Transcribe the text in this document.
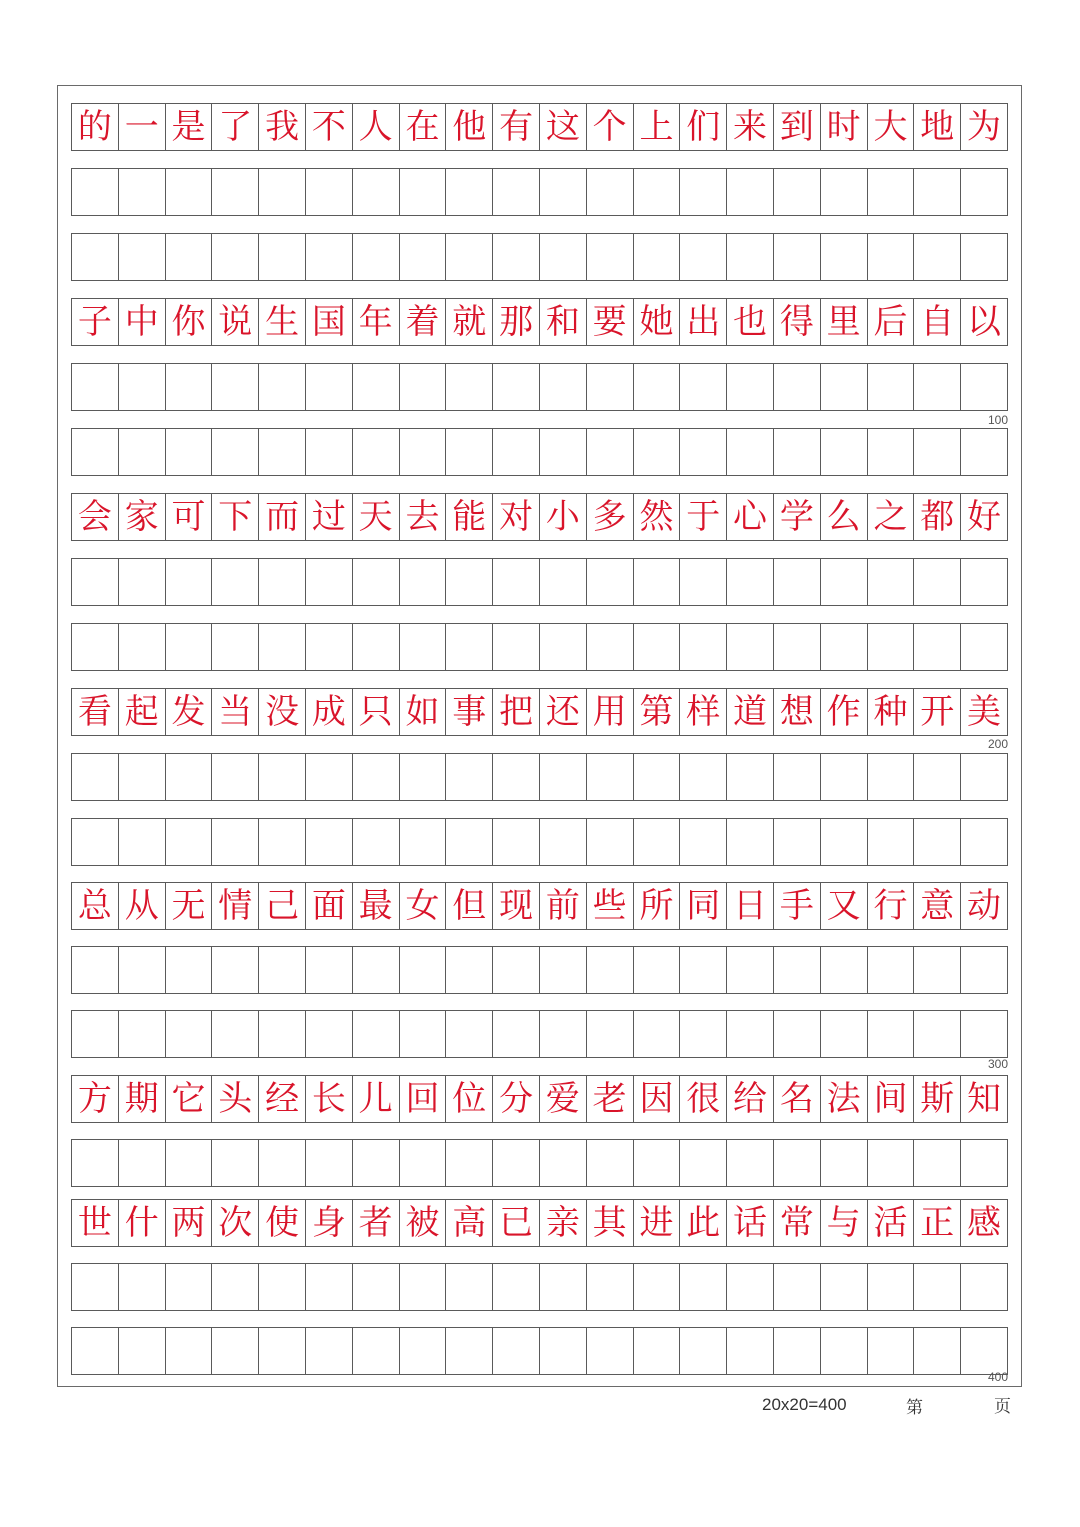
的 一 是 了 我 不 人 在 他 有 这 个 上 们 来 到 时 大 地 为
子 中 你 说 生 国 年 着 就 那 和 要 她 出 也 得 里 后 自 以
会 家 可 下 而 过 天 去 能 对 小 多 然 于 心 学 么 之 都 好
看 起 发 当 没 成 只 如 事 把 还 用 第 样 道 想 作 种 开 美
总 从 无 情 己 面 最 女 但 现 前 些 所 同 日 手 又 行 意 动
方 期 它 头 经 长 儿 回 位 分 爱 老 因 很 给 名 法 间 斯 知
世 什 两 次 使 身 者 被 高 已 亲 其 进 此 话 常 与 活 正 感
100
200
300
400
20x20=400	第	页
